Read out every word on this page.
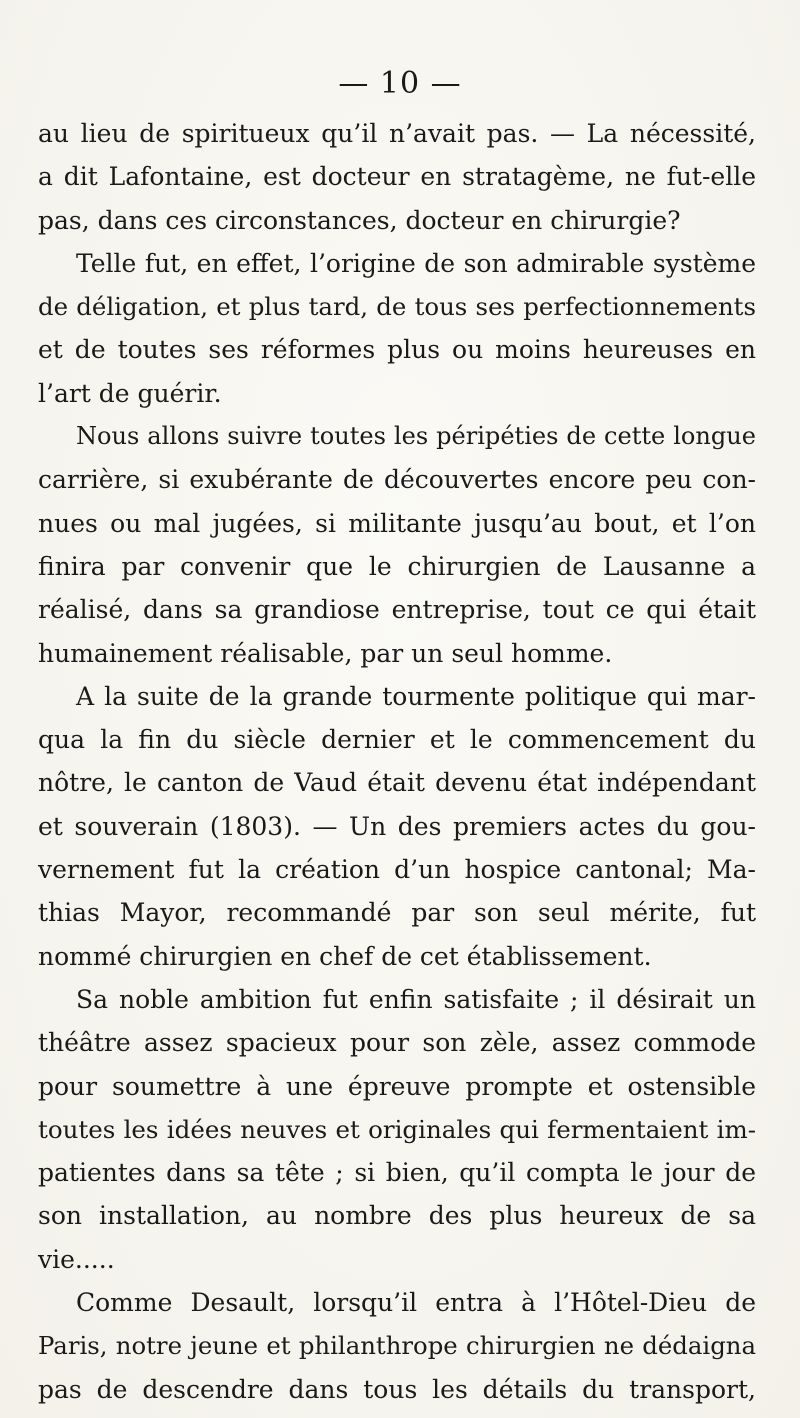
— 10 —
au lieu de spiritueux qu’il n’avait pas. — La nécessité,
a dit Lafontaine, est docteur en stratagème, ne fut-elle
pas, dans ces circonstances, docteur en chirurgie?
Telle fut, en effet, l’origine de son admirable système
de déligation, et plus tard, de tous ses perfectionnements
et de toutes ses réformes plus ou moins heureuses en
l’art de guérir.
Nous allons suivre toutes les péripéties de cette longue
carrière, si exubérante de découvertes encore peu con-
nues ou mal jugées, si militante jusqu’au bout, et l’on
finira par convenir que le chirurgien de Lausanne a
réalisé, dans sa grandiose entreprise, tout ce qui était
humainement réalisable, par un seul homme.
A la suite de la grande tourmente politique qui mar-
qua la fin du siècle dernier et le commencement du
nôtre, le canton de Vaud était devenu état indépendant
et souverain (1803). — Un des premiers actes du gou-
vernement fut la création d’un hospice cantonal; Ma-
thias Mayor, recommandé par son seul mérite, fut
nommé chirurgien en chef de cet établissement.
Sa noble ambition fut enfin satisfaite ; il désirait un
théâtre assez spacieux pour son zèle, assez commode
pour soumettre à une épreuve prompte et ostensible
toutes les idées neuves et originales qui fermentaient im-
patientes dans sa tête ; si bien, qu’il compta le jour de
son installation, au nombre des plus heureux de sa
vie.....
Comme Desault, lorsqu’il entra à l’Hôtel-Dieu de
Paris, notre jeune et philanthrope chirurgien ne dédaigna
pas de descendre dans tous les détails du transport,
